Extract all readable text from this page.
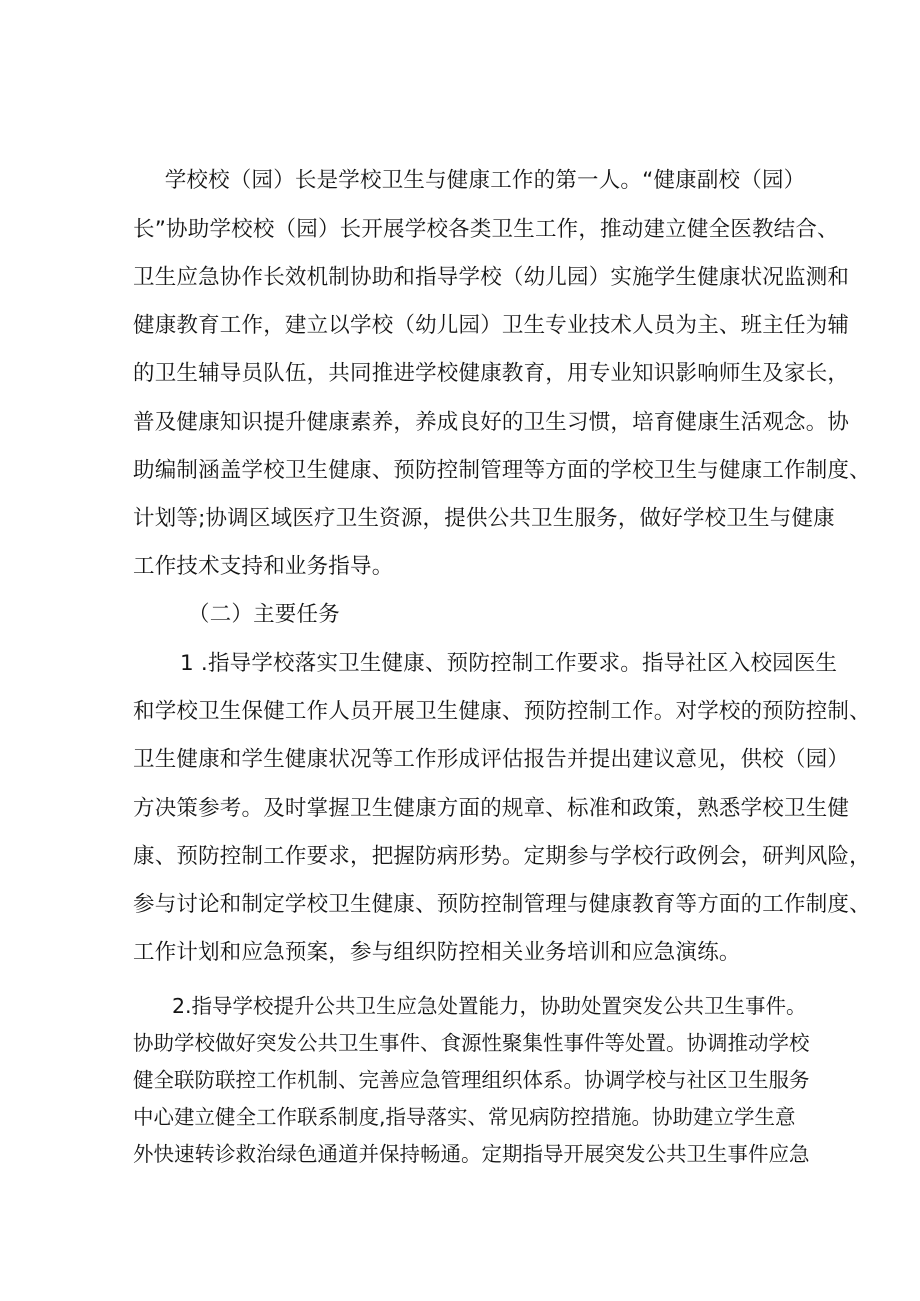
　学校校（园）长是学校卫生与健康工作的第一人。“健康副校（园）

长”协助学校校（园）长开展学校各类卫生工作，推动建立健全医教结合、

卫生应急协作长效机制协助和指导学校（幼儿园）实施学生健康状况监测和

健康教育工作，建立以学校（幼儿园）卫生专业技术人员为主、班主任为辅

的卫生辅导员队伍，共同推进学校健康教育，用专业知识影响师生及家长，

普及健康知识提升健康素养，养成良好的卫生习惯，培育健康生活观念。协

助编制涵盖学校卫生健康、预防控制管理等方面的学校卫生与健康工作制度、

计划等;协调区域医疗卫生资源，提供公共卫生服务，做好学校卫生与健康

工作技术支持和业务指导。

（二）主要任务

1 .指导学校落实卫生健康、预防控制工作要求。指导社区入校园医生

和学校卫生保健工作人员开展卫生健康、预防控制工作。对学校的预防控制、

卫生健康和学生健康状况等工作形成评估报告并提出建议意见，供校（园）

方决策参考。及时掌握卫生健康方面的规章、标准和政策，熟悉学校卫生健

康、预防控制工作要求，把握防病形势。定期参与学校行政例会，研判风险，

参与讨论和制定学校卫生健康、预防控制管理与健康教育等方面的工作制度、

工作计划和应急预案，参与组织防控相关业务培训和应急演练。

2.指导学校提升公共卫生应急处置能力，协助处置突发公共卫生事件。

协助学校做好突发公共卫生事件、食源性聚集性事件等处置。协调推动学校

健全联防联控工作机制、完善应急管理组织体系。协调学校与社区卫生服务

中心建立健全工作联系制度,指导落实、常见病防控措施。协助建立学生意

外快速转诊救治绿色通道并保持畅通。定期指导开展突发公共卫生事件应急
